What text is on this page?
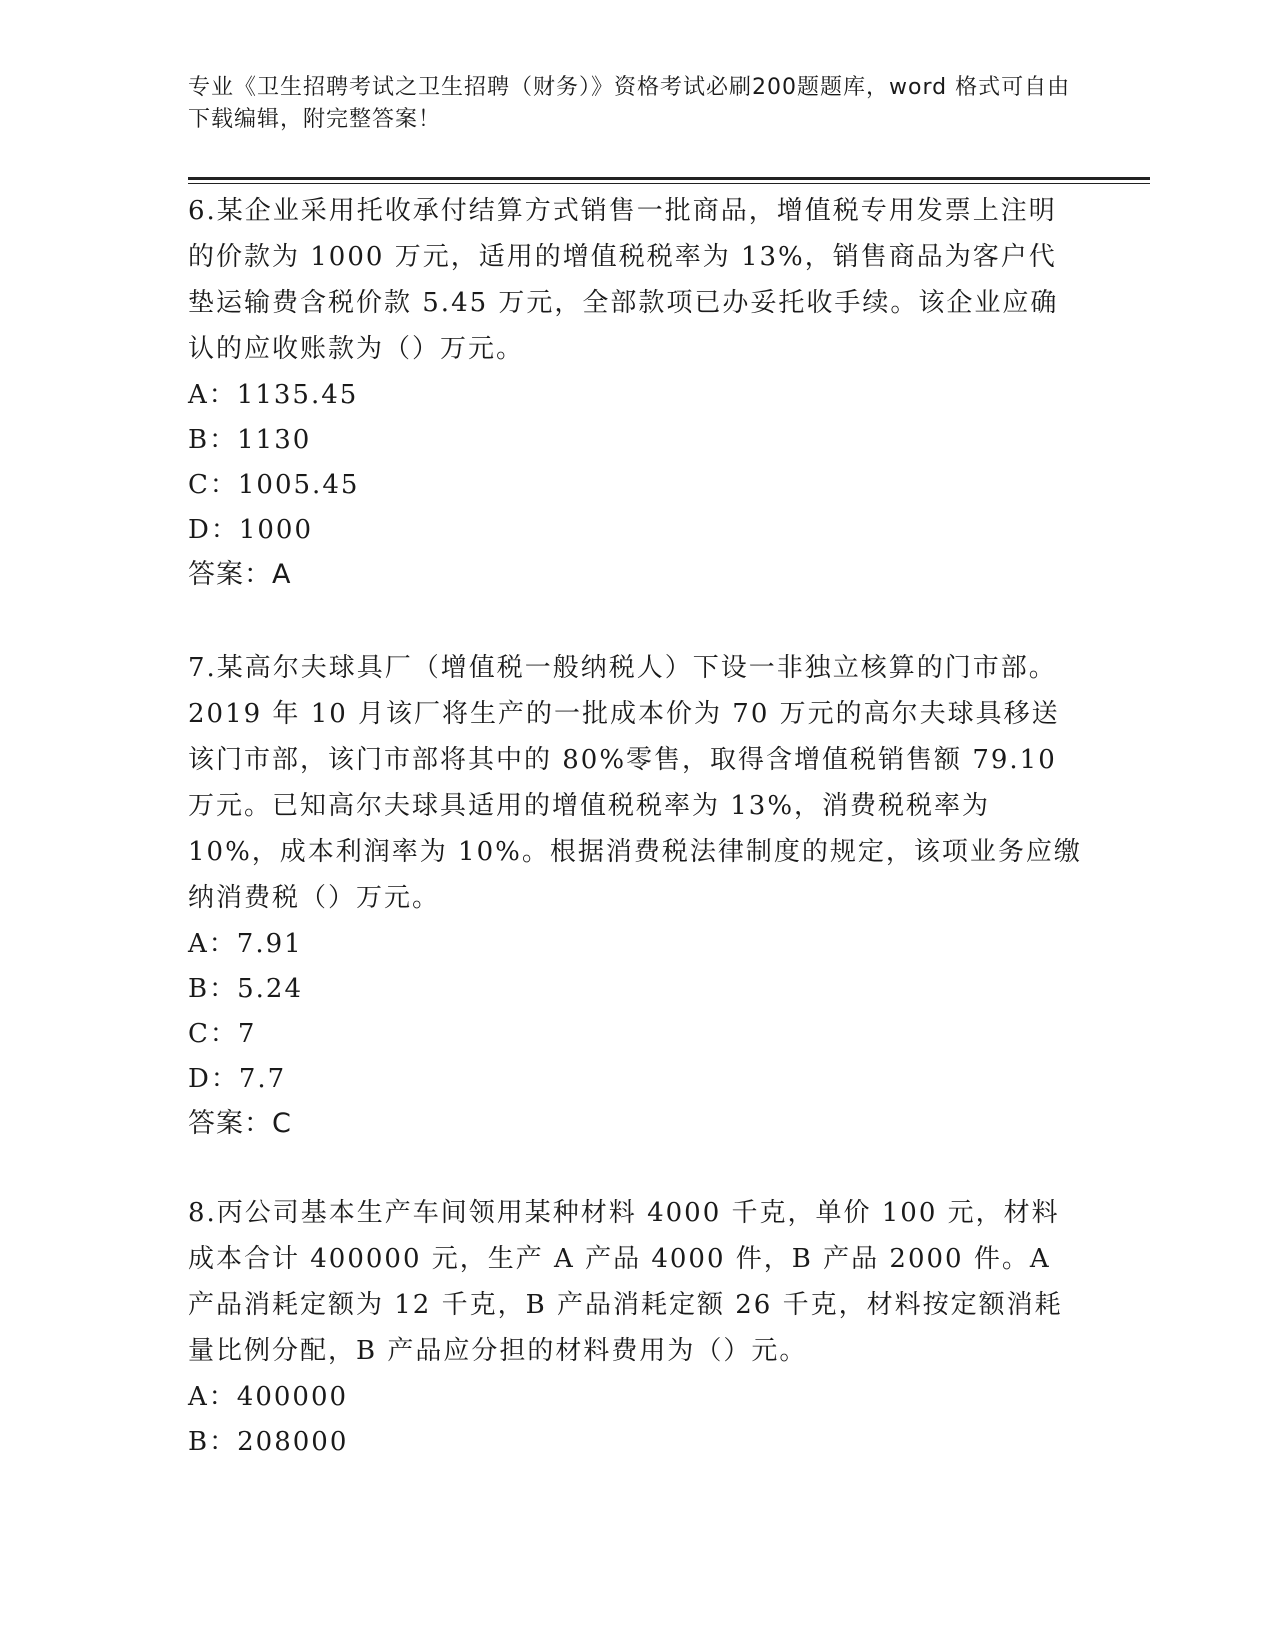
专业《卫生招聘考试之卫生招聘（财务）》资格考试必刷200题题库，word 格式可自由下载编辑，附完整答案！
6.某企业采用托收承付结算方式销售一批商品，增值税专用发票上注明的价款为 1000 万元，适用的增值税税率为 13%，销售商品为客户代垫运输费含税价款 5.45 万元，全部款项已办妥托收手续。该企业应确认的应收账款为（）万元。
A：1135.45
B：1130
C：1005.45
D：1000
答案：A
7.某高尔夫球具厂（增值税一般纳税人）下设一非独立核算的门市部。2019 年 10 月该厂将生产的一批成本价为 70 万元的高尔夫球具移送该门市部，该门市部将其中的 80%零售，取得含增值税销售额 79.10 万元。已知高尔夫球具适用的增值税税率为 13%，消费税税率为 10%，成本利润率为 10%。根据消费税法律制度的规定，该项业务应缴纳消费税（）万元。
A：7.91
B：5.24
C：7
D：7.7
答案：C
8.丙公司基本生产车间领用某种材料 4000 千克，单价 100 元，材料成本合计 400000 元，生产 A 产品 4000 件，B 产品 2000 件。A 产品消耗定额为 12 千克，B 产品消耗定额 26 千克，材料按定额消耗量比例分配，B 产品应分担的材料费用为（）元。
A：400000
B：208000
